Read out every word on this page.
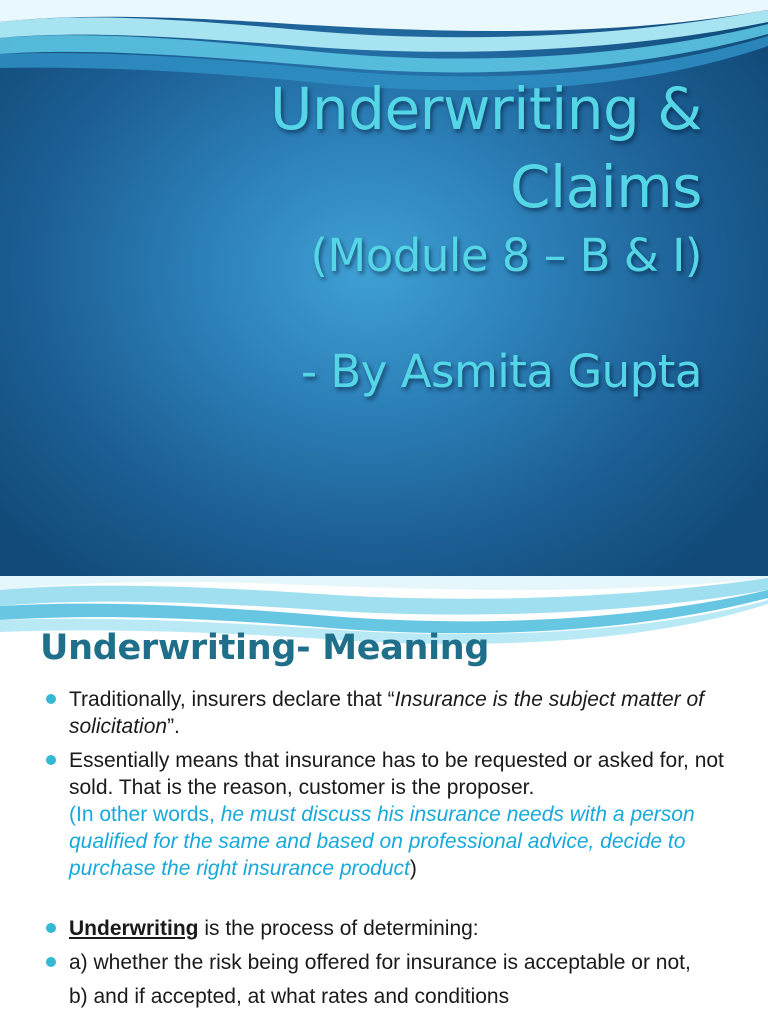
Underwriting &
Claims
(Module 8 – B & I)
- By Asmita Gupta
Underwriting- Meaning
Traditionally, insurers declare that “Insurance is the subject matter of solicitation”.
Essentially means that insurance has to be requested or asked for, not sold. That is the reason, customer is the proposer.
(In other words, he must discuss his insurance needs with a person qualified for the same and based on professional advice, decide to purchase the right insurance product)
Underwriting is the process of determining:
a) whether the risk being offered for insurance is acceptable or not,
b) and if accepted, at what rates and conditions
